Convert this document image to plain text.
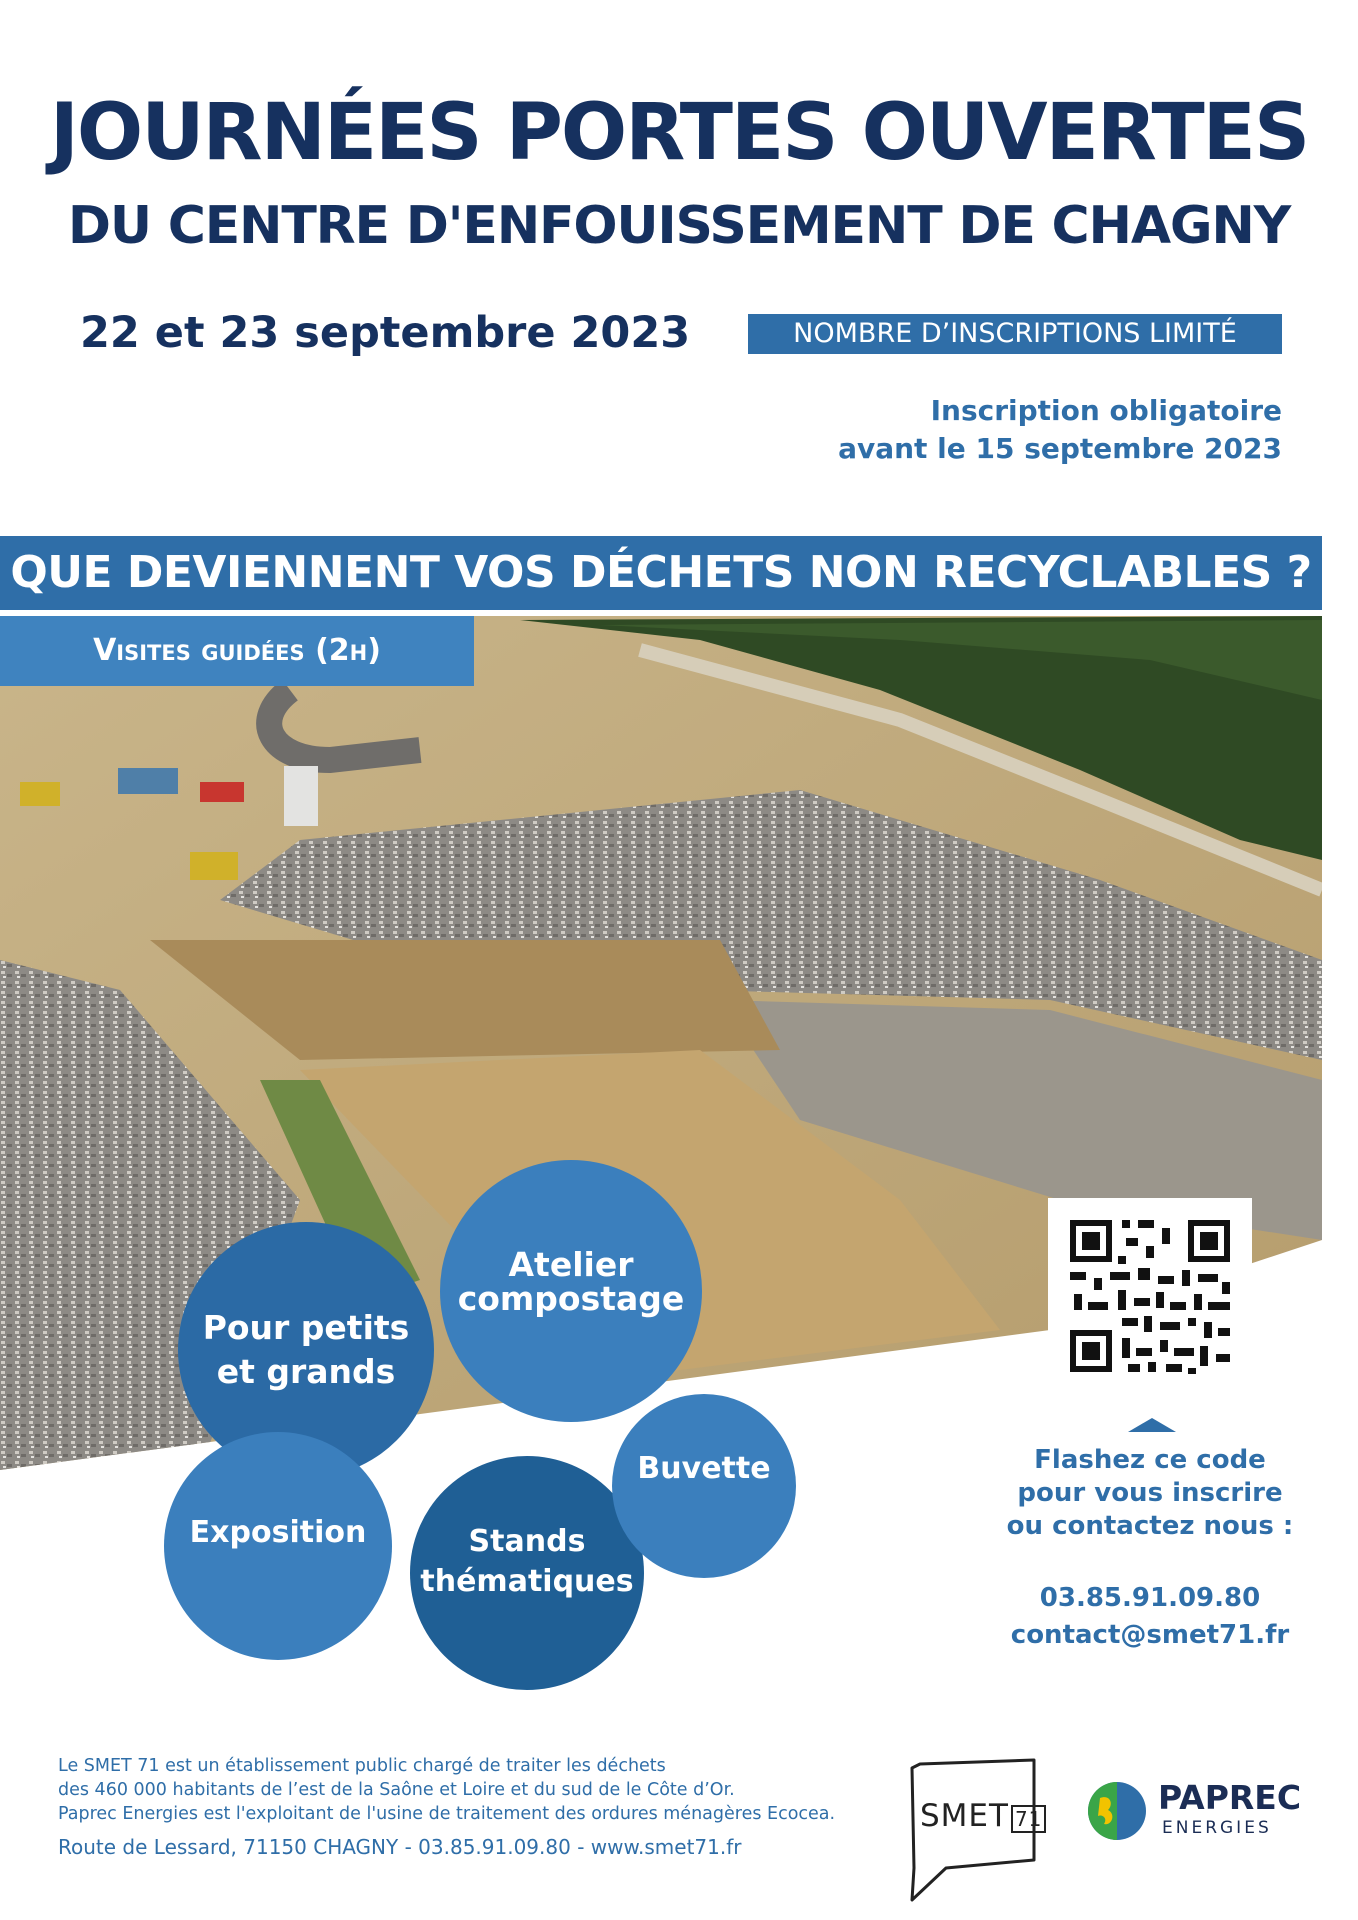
JOURNÉES PORTES OUVERTES
DU CENTRE D'ENFOUISSEMENT DE CHAGNY
22 et 23 septembre 2023	NOMBRE D’INSCRIPTIONS LIMITÉ
Inscription obligatoire
avant le 15 septembre 2023
QUE DEVIENNENT VOS DÉCHETS NON RECYCLABLES ?
Visites guidées (2h)
Pour petits
et grands
Atelier
compostage
Exposition	Stands
thématiques
Buvette	Flashez ce code
pour vous inscrire
ou contactez nous :
03.85.91.09.80
contact@smet71.fr
Le SMET 71 est un établissement public chargé de traiter les déchets
des 460 000 habitants de l’est de la Saône et Loire et du sud de le Côte d’Or.
Paprec Energies est l'exploitant de l'usine de traitement des ordures ménagères Ecocea.
Route de Lessard, 71150 CHAGNY - 03.85.91.09.80 - www.smet71.fr
SMET 71
PAPREC
ENERGIES
